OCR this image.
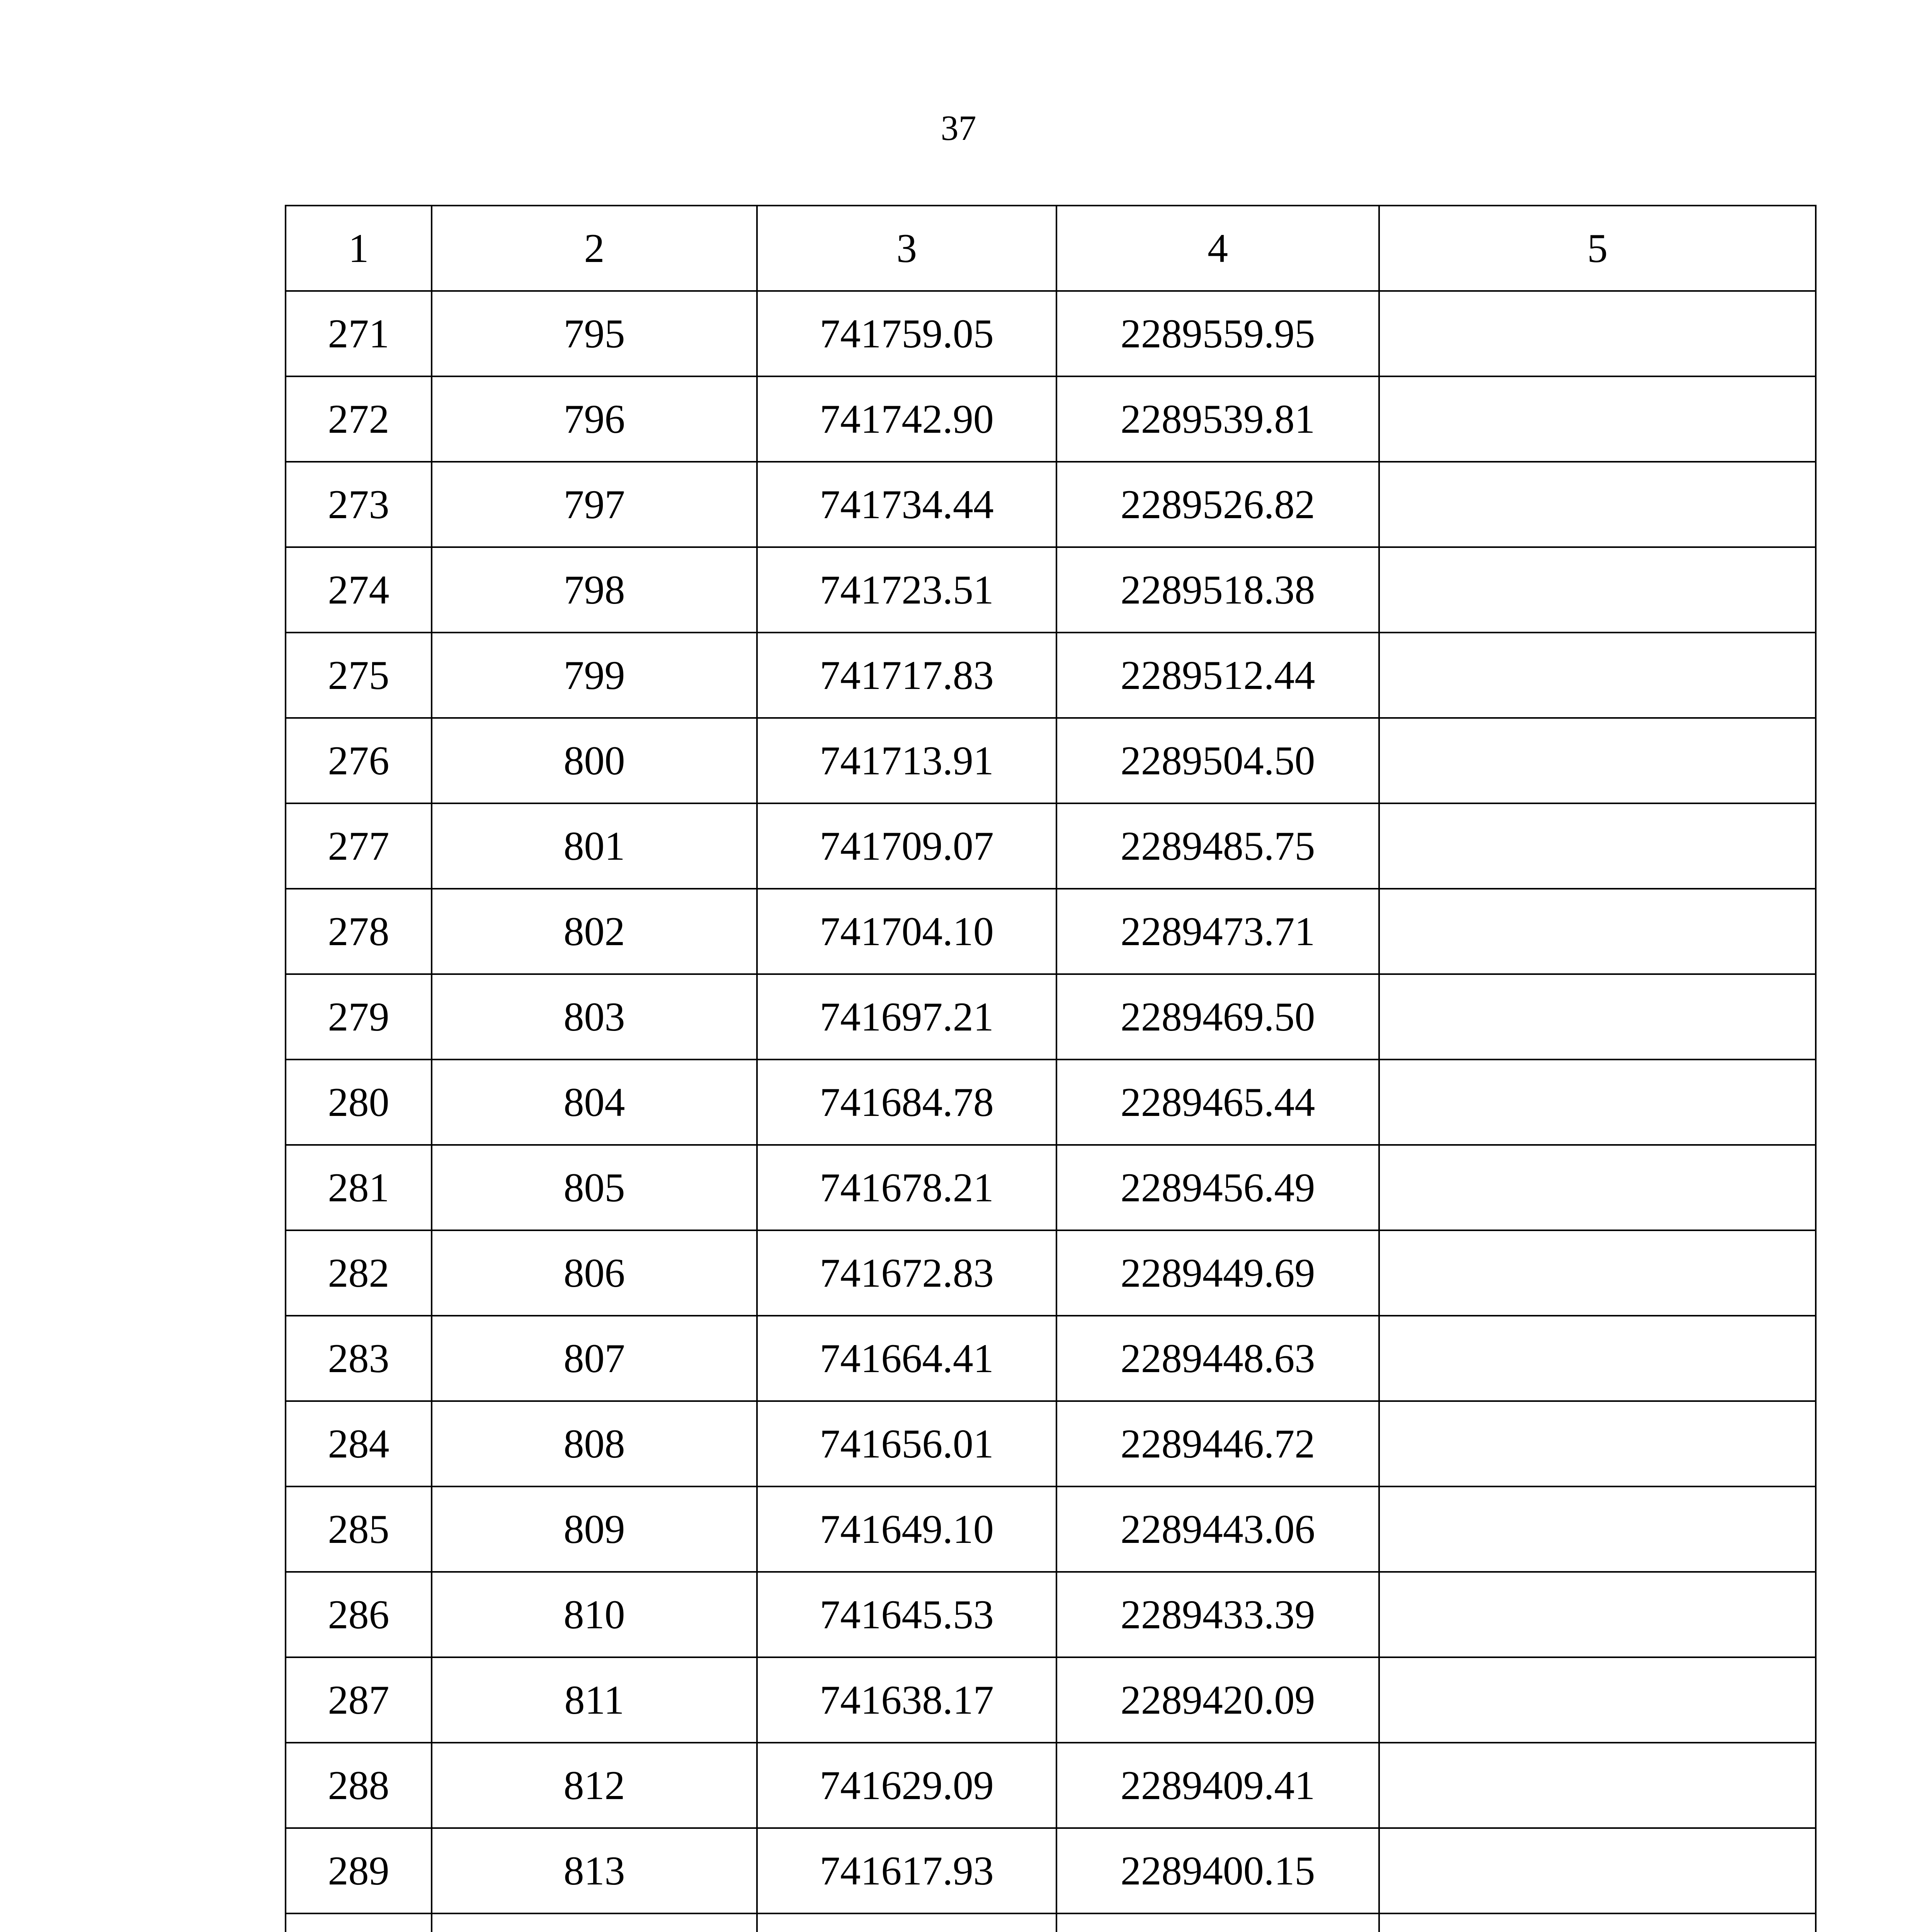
37
1	2	3	4	5
271	795	741759.05	2289559.95	
272	796	741742.90	2289539.81	
273	797	741734.44	2289526.82	
274	798	741723.51	2289518.38	
275	799	741717.83	2289512.44	
276	800	741713.91	2289504.50	
277	801	741709.07	2289485.75	
278	802	741704.10	2289473.71	
279	803	741697.21	2289469.50	
280	804	741684.78	2289465.44	
281	805	741678.21	2289456.49	
282	806	741672.83	2289449.69	
283	807	741664.41	2289448.63	
284	808	741656.01	2289446.72	
285	809	741649.10	2289443.06	
286	810	741645.53	2289433.39	
287	811	741638.17	2289420.09	
288	812	741629.09	2289409.41	
289	813	741617.93	2289400.15	
